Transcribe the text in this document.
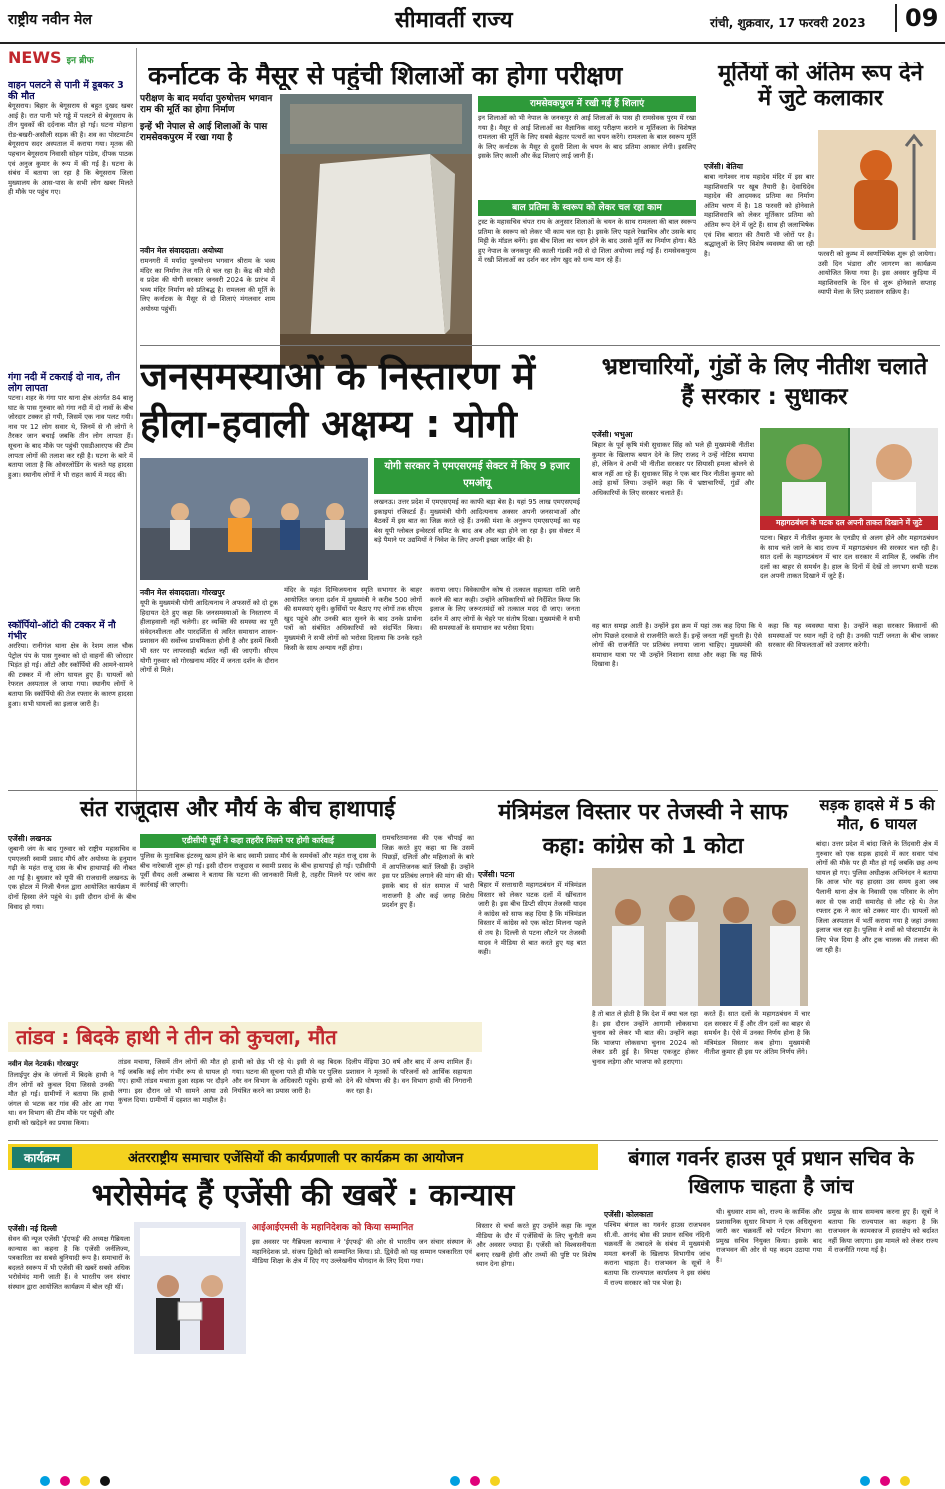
राष्ट्रीय नवीन मेल	सीमावर्ती राज्य	रांची, शुक्रवार, 17 फरवरी 2023	09
NEWS इन ब्रीफ
वाहन पलटने से पानी में डूबकर 3 की मौत
बेगूसराय। बिहार के बेगूसराय से बहुत दुखद खबर आई है। रात पानी भरे गड्ढे में पलटने से बेगूसराय के तीन युवकों की दर्दनाक मौत हो गई। घटना मोहाना रोड-बखरी-असौली सड़क की है। शव का पोस्टमार्टम बेगूसराय सदर अस्पताल में कराया गया। मृतक की पहचान बेगूसराय निवासी सोहन पांडेय, दीपक पाठक एवं अनुज कुमार के रूप में की गई है। घटना के संबंध में बताया जा रहा है कि बेगूसराय जिला मुख्यालय के आस-पास के सभी लोग खबर मिलते ही मौके पर पहुंच गए।
गंगा नदी में टकराई दो नाव, तीन लोग लापता
पटना। शहर के गंगा पार थाना क्षेत्र अंतर्गत 84 बालू घाट के पास गुरुवार को गंगा नदी में दो नावों के बीच जोरदार टक्कर हो गयी, जिसमें एक नाव पलट गयी। नाव पर 12 लोग सवार थे, जिनमें से नौ लोगों ने तैरकर जान बचाई जबकि तीन लोग लापता हैं। सूचना के बाद मौके पर पहुंची एसडीआरएफ की टीम लापता लोगों की तलाश कर रही है। घटना के बारे में बताया जाता है कि ओवरलोडिंग के चलते यह हादसा हुआ। स्थानीय लोगों ने भी राहत कार्य में मदद की।
स्कॉर्पियो-ऑटो की टक्कर में नौ गंभीर
अररिया। रानीगंज थाना क्षेत्र के रेशम लाल चौक पेट्रोल पंप के पास गुरुवार को दो वाहनों की जोरदार भिड़ंत हो गई। ऑटो और स्कॉर्पियो की आमने-सामने की टक्कर में नौ लोग घायल हुए हैं। घायलों को रेफरल अस्पताल ले जाया गया। स्थानीय लोगों ने बताया कि स्कॉर्पियो की तेज रफ्तार के कारण हादसा हुआ। सभी घायलों का इलाज जारी है।
कर्नाटक के मैसूर से पहुंची शिलाओं का होगा परीक्षण
परीक्षण के बाद मर्यादा पुरुषोत्तम भगवान राम की मूर्ति का होगा निर्माण
इन्हें भी नेपाल से आई शिलाओं के पास रामसेवकपुरम में रखा गया है
नवीन मेल संवाददाता। अयोध्या
रामनगरी में मर्यादा पुरुषोत्तम भगवान श्रीराम के भव्य मंदिर का निर्माण तेज गति से चल रहा है। केंद्र की मोदी व प्रदेश की योगी सरकार जनवरी 2024 के प्रारंभ में भव्य मंदिर निर्माण को प्रतिबद्ध है। रामलला की मूर्ति के लिए कर्नाटक के मैसूर से दो शिलाएं मंगलवार शाम अयोध्या पहुंचीं।
रामसेवकपुरम में रखी गई हैं शिलाएं
इन शिलाओं को भी नेपाल के जनकपुर से आई शिलाओं के पास ही रामसेवक पुरम में रखा गया है। मैसूर से आई शिलाओं का वैज्ञानिक वास्तु परीक्षण कराने व मूर्तिकला के विशेषज्ञ रामलला की मूर्ति के लिए सबसे बेहतर पत्थरों का चयन करेंगे। रामलला के बाल स्वरूप मूर्ति के लिए कर्नाटक के मैसूर से दुसरी शिला के चयन के बाद प्रतिमा आकार लेगी। इसलिए इसके लिए काली और केंद्र शिलाएं लाई जानी हैं।
बाल प्रतिमा के स्वरूप को लेकर चल रहा काम
ट्रस्ट के महासचिव चंपत राय के अनुसार शिलाओं के चयन के साथ रामलला की बाल स्वरूप प्रतिमा के स्वरूप को लेकर भी काम चल रहा है। इसके लिए पहले रेखाचित्र और उसके बाद मिट्टी के मॉडल बनेंगे। इस बीच शिला का चयन होने के बाद उससे मूर्ति का निर्माण होगा। बैठे हुए नेपाल के जनकपुर की काली गंडकी नदी से दो शिला अयोध्या लाई गई हैं। रामसेवकपुरम में रखी शिलाओं का दर्शन कर लोग खुद को धन्य मान रहे हैं।
मूर्तियों को अंतिम रूप देने में जुटे कलाकार
एजेंसी। बेतिया
बाबा नागेश्वर नाथ महादेव मंदिर में इस बार महाशिवरात्रि पर खूब तैयारी है। देवाधिदेव महादेव की आदमकद प्रतिमा का निर्माण अंतिम चरण में है। 18 फरवरी को होनेवाले महाशिवरात्रि को लेकर मूर्तिकार प्रतिमा को अंतिम रूप देने में जुटे हैं। साथ ही जलाभिषेक एवं शिव बारात की तैयारी भी जोरों पर है। श्रद्धालुओं के लिए विशेष व्यवस्था की जा रही है।	फरवरी को कुम्भ में स्वर्णाभिषेक शुरू हो जायेगा। उसी दिन भंडारा और जागरण का कार्यक्रम आयोजित किया गया है। इस अवसर कुड़िया में महाशिवरात्रि के दिन से शुरू होनेवाले सप्ताह व्यापी मेला के लिए प्रशासन सक्रिय है।
जनसमस्याओं के निस्तारण में हीला-हवाली अक्षम्य : योगी
योगी सरकार ने एमएसएमई सेक्टर में किए 9 हजार एमओयू
लखनऊ। उत्तर प्रदेश में एमएसएमई का काफी बड़ा बेस है। यहां 95 लाख एमएसएमई इकाइयां रजिस्टर्ड हैं। मुख्यमंत्री योगी आदित्यनाथ अक्सर अपनी जनसभाओं और बैठकों में इस बात का जिक्र करते रहे हैं। उनकी मंशा के अनुरूप एमएसएमई का यह बेस यूपी ग्लोबल इन्वेस्टर्स समिट के बाद अब और बड़ा होने जा रहा है। इस सेक्टर में बड़े पैमाने पर उद्यमियों ने निवेश के लिए अपनी इच्छा जाहिर की है।
नवीन मेल संवाददाता। गोरखपुर
यूपी के मुख्यमंत्री योगी आदित्यनाथ ने अफसरों को दो टूक हिदायत देते हुए कहा कि जनसमस्याओं के निस्तारण में हीलाहवाली नहीं चलेगी। हर व्यक्ति की समस्या का पूरी संवेदनशीलता और पारदर्शिता से त्वरित समाधान शासन-प्रशासन की सर्वोच्च प्राथमिकता होनी है और इसमें किसी भी स्तर पर लापरवाही बर्दाश्त नहीं की जाएगी। सीएम योगी गुरुवार को गोरखनाथ मंदिर में जनता दर्शन के दौरान लोगों से मिले।
मंदिर के महंत दिग्विजयनाथ स्मृति सभागार के बाहर आयोजित जनता दर्शन में मुख्यमंत्री ने करीब 500 लोगों की समस्याएं सुनी। कुर्सियों पर बैठाए गए लोगों तक सीएम खुद पहुंचे और उनकी बात सुनने के बाद उनके प्रार्थना पत्रों को संबंधित अधिकारियों को संदर्भित किया। मुख्यमंत्री ने सभी लोगों को भरोसा दिलाया कि उनके रहते किसी के साथ अन्याय नहीं होगा।
कराया जाए। विवेकाधीन कोष से तत्काल सहायता राशि जारी करने की बात कही। उन्होंने अधिकारियों को निर्देशित किया कि इलाज के लिए जरूरतमंदों को तत्काल मदद दी जाए। जनता दर्शन में आए लोगों के चेहरे पर संतोष दिखा। मुख्यमंत्री ने सभी की समस्याओं के समाधान का भरोसा दिया।
भ्रष्टाचारियों, गुंडों के लिए नीतीश चलाते हैं सरकार : सुधाकर
एजेंसी। भभुआ
बिहार के पूर्व कृषि मंत्री सुधाकर सिंह को भले ही मुख्यमंत्री नीतीश कुमार के खिलाफ बयान देने के लिए राजद ने उन्हें नोटिस थमाया हो, लेकिन वे अभी भी नीतीश सरकार पर सियासी हमला बोलने से बाज नहीं आ रहे हैं। सुधाकर सिंह ने एक बार फिर नीतीश कुमार को आड़े हाथों लिया। उन्होंने कहा कि ये भ्रष्टाचारियों, गुंडों और अधिकारियों के लिए सरकार चलाते हैं।
महागठबंधन के घटक दल अपनी ताकत दिखाने में जुटे
पटना। बिहार में नीतीश कुमार के एनडीए से अलग होने और महागठबंधन के साथ चले जाने के बाद राज्य में महागठबंधन की सरकार चल रही है। सात दलों के महागठबंधन में चार दल सरकार में शामिल हैं, जबकि तीन दलों का बाहर से समर्थन है। हाल के दिनों में देखें तो लगभग सभी घटक दल अपनी ताकत दिखाने में जुटे हैं।
वह बात समझ आती है। उन्होंने इस क्रम में यहां तक कह दिया कि ये लोग पिछले दरवाजे से राजनीति करते हैं। इन्हें जनता नहीं चुनती है। ऐसे लोगों की राजनीति पर प्रतिबंध लगाया जाना चाहिए। मुख्यमंत्री की समाधान यात्रा पर भी उन्होंने निशाना साधा और कहा कि यह सिर्फ दिखावा है।
कहा कि यह व्यवस्था यात्रा है। उन्होंने कहा सरकार किसानों की समस्याओं पर ध्यान नहीं दे रही है। उनकी पार्टी जनता के बीच जाकर सरकार की विफलताओं को उजागर करेगी।
संत राजूदास और मौर्य के बीच हाथापाई
एजेंसी। लखनऊ
जुबानी जंग के बाद गुरुवार को राष्ट्रीय महासचिव व एमएलसी स्वामी प्रसाद मौर्य और अयोध्या के हनुमान गढ़ी के महंत राजू दास के बीच हाथापाई की नौबत आ गई है। बुधवार को यूपी की राजधानी लखनऊ के एक होटल में निजी चैनल द्वारा आयोजित कार्यक्रम में दोनों हिस्सा लेने पहुंचे थे। इसी दौरान दोनों के बीच विवाद हो गया।
एडीसीपी पूर्वी ने कहा तहरीर मिलने पर होगी कार्रवाई
पुलिस के मुताबिक इंटरव्यू खत्म होने के बाद स्वामी प्रसाद मौर्य के समर्थकों और महंत राजू दास के बीच नारेबाजी शुरू हो गई। इसी दौरान राजूदास व स्वामी प्रसाद के बीच हाथापाई हो गई। एडीसीपी पूर्वी सैयद अली अब्बास ने बताया कि घटना की जानकारी मिली है, तहरीर मिलने पर जांच कर कार्रवाई की जाएगी।
रामचरितमानस की एक चौपाई का जिक्र करते हुए कहा था कि उसमें पिछड़ों, दलितों और महिलाओं के बारे में आपत्तिजनक बातें लिखी हैं। उन्होंने इस पर प्रतिबंध लगाने की मांग की थी। इसके बाद से संत समाज में भारी नाराजगी है और कई जगह विरोध प्रदर्शन हुए हैं।
मंत्रिमंडल विस्तार पर तेजस्वी ने साफ कहा: कांग्रेस को 1 कोटा
एजेंसी। पटना
बिहार में सत्ताधारी महागठबंधन में मंत्रिमंडल विस्तार को लेकर घटक दलों में खींचतान जारी है। इस बीच डिप्टी सीएम तेजस्वी यादव ने कांग्रेस को साफ कह दिया है कि मंत्रिमंडल विस्तार में कांग्रेस को एक कोटा मिलना पहले से तय है। दिल्ली से पटना लौटने पर तेजस्वी यादव ने मीडिया से बात करते हुए यह बात कही।
है तो बात ले होती है कि देश में क्या चल रहा है। इस दौरान उन्होंने आगामी लोकसभा चुनाव को लेकर भी बात की। उन्होंने कहा कि भाजपा लोकसभा चुनाव 2024 को लेकर डरी हुई है। विपक्ष एकजुट होकर चुनाव लड़ेगा और भाजपा को हराएगा।
करते हैं। सात दलों के महागठबंधन में चार दल सरकार में हैं और तीन दलों का बाहर से समर्थन है। ऐसे में उनका निर्णय होना है कि मंत्रिमंडल विस्तार कब होगा। मुख्यमंत्री नीतीश कुमार ही इस पर अंतिम निर्णय लेंगे।
सड़क हादसे में 5 की मौत, 6 घायल
बांदा। उत्तर प्रदेश में बांदा जिले के तिंदवारी क्षेत्र में गुरुवार को एक सड़क हादसे में कार सवार पांच लोगों की मौके पर ही मौत हो गई जबकि छह अन्य घायल हो गए। पुलिस अधीक्षक अभिनंदन ने बताया कि आज भोर यह हादसा उस समय हुआ जब पैलानी थाना क्षेत्र के निवासी एक परिवार के लोग कार से एक शादी समारोह से लौट रहे थे। तेज रफ्तार ट्रक ने कार को टक्कर मार दी। घायलों को जिला अस्पताल में भर्ती कराया गया है जहां उनका इलाज चल रहा है। पुलिस ने शवों को पोस्टमार्टम के लिए भेज दिया है और ट्रक चालक की तलाश की जा रही है।
तांडव : बिदके हाथी ने तीन को कुचला, मौत
नवीन मेल नेटवर्क। गोरखपुर
तिलाईपुर क्षेत्र के जंगलों में बिदके हाथी ने तीन लोगों को कुचल दिया जिससे उनकी मौत हो गई। ग्रामीणों ने बताया कि हाथी जंगल से भटक कर गांव की ओर आ गया था। वन विभाग की टीम मौके पर पहुंची और हाथी को खदेड़ने का प्रयास किया।
तांडव मचाया, जिसमें तीन लोगों की मौत हो गई जबकि कई लोग गंभीर रूप से घायल हो गए। हाथी तांडव मचाता हुआ सड़क पर दौड़ने लगा। इस दौरान जो भी सामने आया उसे कुचल दिया। ग्रामीणों में दहशत का माहौल है।
हाथी को छेड़ भी रहे थे। इसी से वह बिदक गया। घटना की सूचना पाते ही मौके पर पुलिस और वन विभाग के अधिकारी पहुंचे। हाथी को नियंत्रित करने का प्रयास जारी है।
दिलीप मेंढ़िया 30 वर्ष और बाद में अन्य शामिल हैं। प्रशासन ने मृतकों के परिजनों को आर्थिक सहायता देने की घोषणा की है। वन विभाग हाथी की निगरानी कर रहा है।
कार्यक्रम	अंतरराष्ट्रीय समाचार एजेंसियों की कार्यप्रणाली पर कार्यक्रम का आयोजन
भरोसेमंद हैं एजेंसी की खबरें : कान्यास
एजेंसी। नई दिल्ली
सेवन की न्यूज एजेंसी 'ईएफई' की अध्यक्ष गैब्रियला कान्यास का कहना है कि एजेंसी जर्नलिज्म, पत्रकारिता का सबसे बुनियादी रूप है। समाचारों के बदलते स्वरूप में भी एजेंसी की खबरें सबसे अधिक भरोसेमंद मानी जाती हैं। वे भारतीय जन संचार संस्थान द्वारा आयोजित कार्यक्रम में बोल रही थीं।
आईआईएमसी के महानिदेशक को किया सम्मानित
इस अवसर पर गैब्रियला कान्यास ने 'ईएफई' की ओर से भारतीय जन संचार संस्थान के महानिदेशक प्रो. संजय द्विवेदी को सम्मानित किया। प्रो. द्विवेदी को यह सम्मान पत्रकारिता एवं मीडिया शिक्षा के क्षेत्र में दिए गए उल्लेखनीय योगदान के लिए दिया गया।
विस्तार से चर्चा करते हुए उन्होंने कहा कि न्यूज मीडिया के दौर में एजेंसियों के लिए चुनौती कम और अवसर ज्यादा हैं। एजेंसी को विश्वसनीयता बनाए रखनी होगी और तथ्यों की पुष्टि पर विशेष ध्यान देना होगा।
बंगाल गवर्नर हाउस पूर्व प्रधान सचिव के खिलाफ चाहता है जांच
एजेंसी। कोलकाता
पश्चिम बंगाल का गवर्नर हाउस राजभवन सी.वी. आनंद बोस की प्रधान सचिव नंदिनी चक्रवर्ती के तबादले के संबंध में मुख्यमंत्री ममता बनर्जी के खिलाफ विभागीय जांच कराना चाहता है। राजभवन के सूत्रों ने बताया कि राज्यपाल कार्यालय ने इस संबंध में राज्य सरकार को पत्र भेजा है।
थी। बुधवार शाम को, राज्य के कार्मिक और प्रशासनिक सुधार विभाग ने एक अधिसूचना जारी कर चक्रवर्ती को पर्यटन विभाग का प्रमुख सचिव नियुक्त किया। इसके बाद राजभवन की ओर से यह कदम उठाया गया है।
प्रमुख के साथ समन्वय करना हुए हैं। सूत्रों ने बताया कि राज्यपाल का कहना है कि राजभवन के कामकाज में हस्तक्षेप को बर्दाश्त नहीं किया जाएगा। इस मामले को लेकर राज्य में राजनीति गरमा गई है।
